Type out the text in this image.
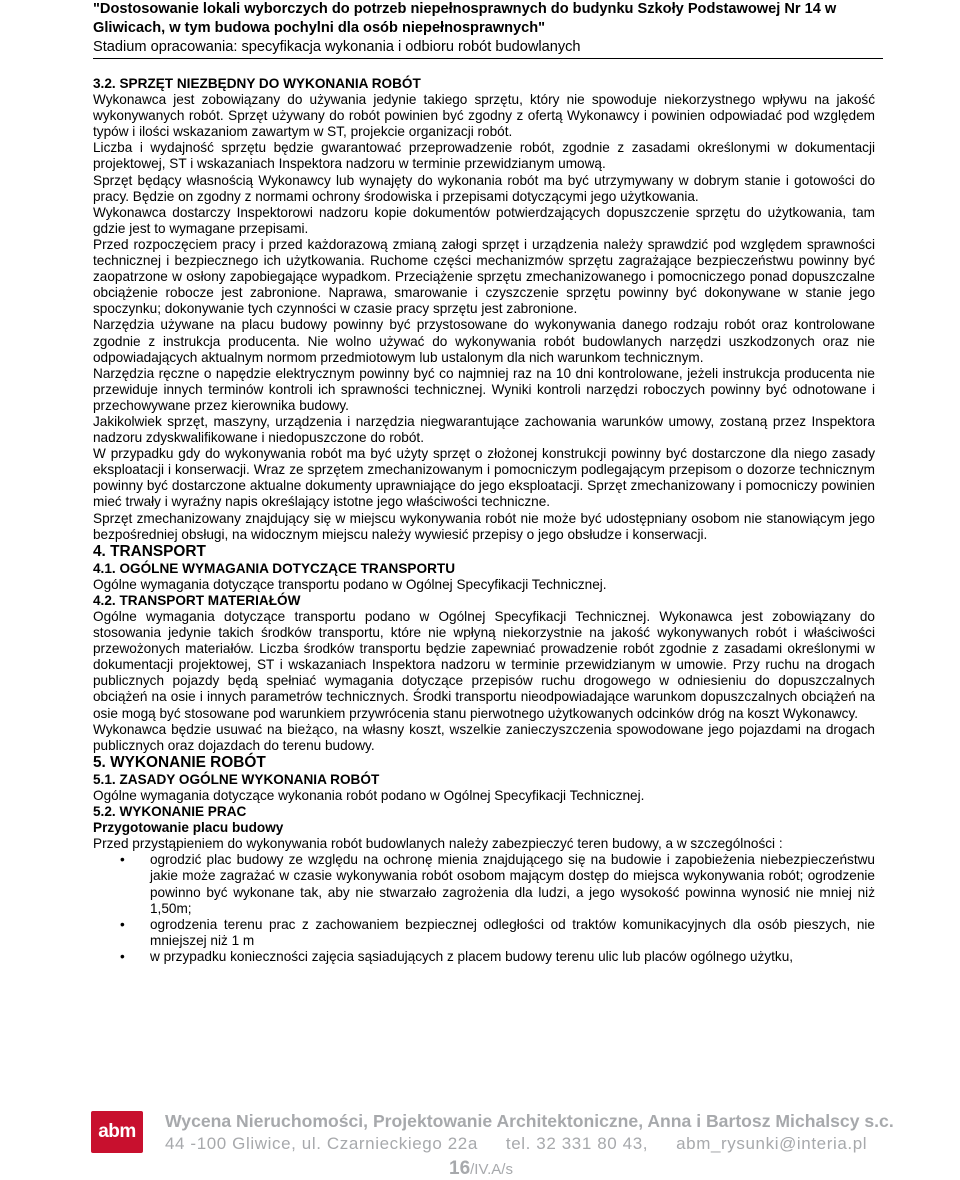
"Dostosowanie lokali wyborczych do potrzeb niepełnosprawnych do budynku Szkoły Podstawowej Nr 14 w
Gliwicach, w tym budowa pochylni dla osób niepełnosprawnych"
Stadium opracowania: specyfikacja wykonania i odbioru robót budowlanych

3.2. SPRZĘT NIEZBĘDNY DO WYKONANIA ROBÓT

Wykonawca jest zobowiązany do używania jedynie takiego sprzętu, który nie spowoduje niekorzystnego wpływu na jakość wykonywanych robót. Sprzęt używany do robót powinien być zgodny z ofertą Wykonawcy i powinien odpowiadać pod względem typów i ilości wskazaniom zawartym w ST, projekcie organizacji robót.

Liczba i wydajność sprzętu będzie gwarantować przeprowadzenie robót, zgodnie z zasadami określonymi w dokumentacji projektowej, ST i wskazaniach Inspektora nadzoru w terminie przewidzianym umową.

Sprzęt będący własnością Wykonawcy lub wynajęty do wykonania robót ma być utrzymywany w dobrym stanie i gotowości do pracy. Będzie on zgodny z normami ochrony środowiska i przepisami dotyczącymi jego użytkowania.

Wykonawca dostarczy Inspektorowi nadzoru kopie dokumentów potwierdzających dopuszczenie sprzętu do użytkowania, tam gdzie jest to wymagane przepisami.

Przed rozpoczęciem pracy i przed każdorazową zmianą załogi sprzęt i urządzenia należy sprawdzić pod względem sprawności technicznej i bezpiecznego ich użytkowania. Ruchome części mechanizmów sprzętu zagrażające bezpieczeństwu powinny być zaopatrzone w osłony zapobiegające wypadkom. Przeciążenie sprzętu zmechanizowanego i pomocniczego ponad dopuszczalne obciążenie robocze jest zabronione. Naprawa, smarowanie i czyszczenie sprzętu powinny być dokonywane w stanie jego spoczynku; dokonywanie tych czynności w czasie pracy sprzętu jest zabronione.

Narzędzia używane na placu budowy powinny być przystosowane do wykonywania danego rodzaju robót oraz kontrolowane zgodnie z instrukcja producenta. Nie wolno używać do wykonywania robót budowlanych narzędzi uszkodzonych oraz nie odpowiadających aktualnym normom przedmiotowym lub ustalonym dla nich warunkom technicznym.

Narzędzia ręczne o napędzie elektrycznym powinny być co najmniej raz na 10 dni kontrolowane, jeżeli instrukcja producenta nie przewiduje innych terminów kontroli ich sprawności technicznej. Wyniki kontroli narzędzi roboczych powinny być odnotowane i przechowywane przez kierownika budowy.

Jakikolwiek sprzęt, maszyny, urządzenia i narzędzia niegwarantujące zachowania warunków umowy, zostaną przez Inspektora nadzoru zdyskwalifikowane i niedopuszczone do robót.

W przypadku gdy do wykonywania robót ma być użyty sprzęt o złożonej konstrukcji powinny być dostarczone dla niego zasady eksploatacji i konserwacji. Wraz ze sprzętem zmechanizowanym i pomocniczym podlegającym przepisom o dozorze technicznym powinny być dostarczone aktualne dokumenty uprawniające do jego eksploatacji. Sprzęt zmechanizowany i pomocniczy powinien mieć trwały i wyraźny napis określający istotne jego właściwości techniczne.

Sprzęt zmechanizowany znajdujący się w miejscu wykonywania robót nie może być udostępniany osobom nie stanowiącym jego bezpośredniej obsługi, na widocznym miejscu należy wywiesić przepisy o jego obsłudze i konserwacji.

4. TRANSPORT

4.1. OGÓLNE WYMAGANIA DOTYCZĄCE TRANSPORTU

Ogólne wymagania dotyczące transportu podano w Ogólnej Specyfikacji Technicznej.

4.2. TRANSPORT MATERIAŁÓW

Ogólne wymagania dotyczące transportu podano w Ogólnej Specyfikacji Technicznej. Wykonawca jest zobowiązany do stosowania jedynie takich środków transportu, które nie wpłyną niekorzystnie na jakość wykonywanych robót i właściwości przewożonych materiałów. Liczba środków transportu będzie zapewniać prowadzenie robót zgodnie z zasadami określonymi w dokumentacji projektowej, ST i wskazaniach Inspektora nadzoru w terminie przewidzianym w umowie. Przy ruchu na drogach publicznych pojazdy będą spełniać wymagania dotyczące przepisów ruchu drogowego w odniesieniu do dopuszczalnych obciążeń na osie i innych parametrów technicznych. Środki transportu nieodpowiadające warunkom dopuszczalnych obciążeń na osie mogą być stosowane pod warunkiem przywrócenia stanu pierwotnego użytkowanych odcinków dróg na koszt Wykonawcy.

Wykonawca będzie usuwać na bieżąco, na własny koszt, wszelkie zanieczyszczenia spowodowane jego pojazdami na drogach publicznych oraz dojazdach do terenu budowy.

5. WYKONANIE ROBÓT

5.1. ZASADY OGÓLNE WYKONANIA ROBÓT

Ogólne wymagania dotyczące wykonania robót podano w Ogólnej Specyfikacji Technicznej.

5.2. WYKONANIE PRAC

Przygotowanie placu budowy

Przed przystąpieniem do wykonywania robót budowlanych należy zabezpieczyć teren budowy, a w szczególności :

• ogrodzić plac budowy ze względu na ochronę mienia znajdującego się na budowie i zapobieżenia niebezpieczeństwu jakie może zagrażać w czasie wykonywania robót osobom mającym dostęp do miejsca wykonywania robót; ogrodzenie powinno być wykonane tak, aby nie stwarzało zagrożenia dla ludzi, a jego wysokość powinna wynosić nie mniej niż 1,50m;
• ogrodzenia terenu prac z zachowaniem bezpiecznej odległości od traktów komunikacyjnych dla osób pieszych, nie mniejszej niż 1 m
• w przypadku konieczności zajęcia sąsiadujących z placem budowy terenu ulic lub placów ogólnego użytku,
abm	Wycena Nieruchomości, Projektowanie Architektoniczne, Anna i Bartosz Michalscy s.c.
44 -100 Gliwice, ul. Czarnieckiego 22a tel. 32 331 80 43, abm_rysunki@interia.pl
16/IV.A/s
